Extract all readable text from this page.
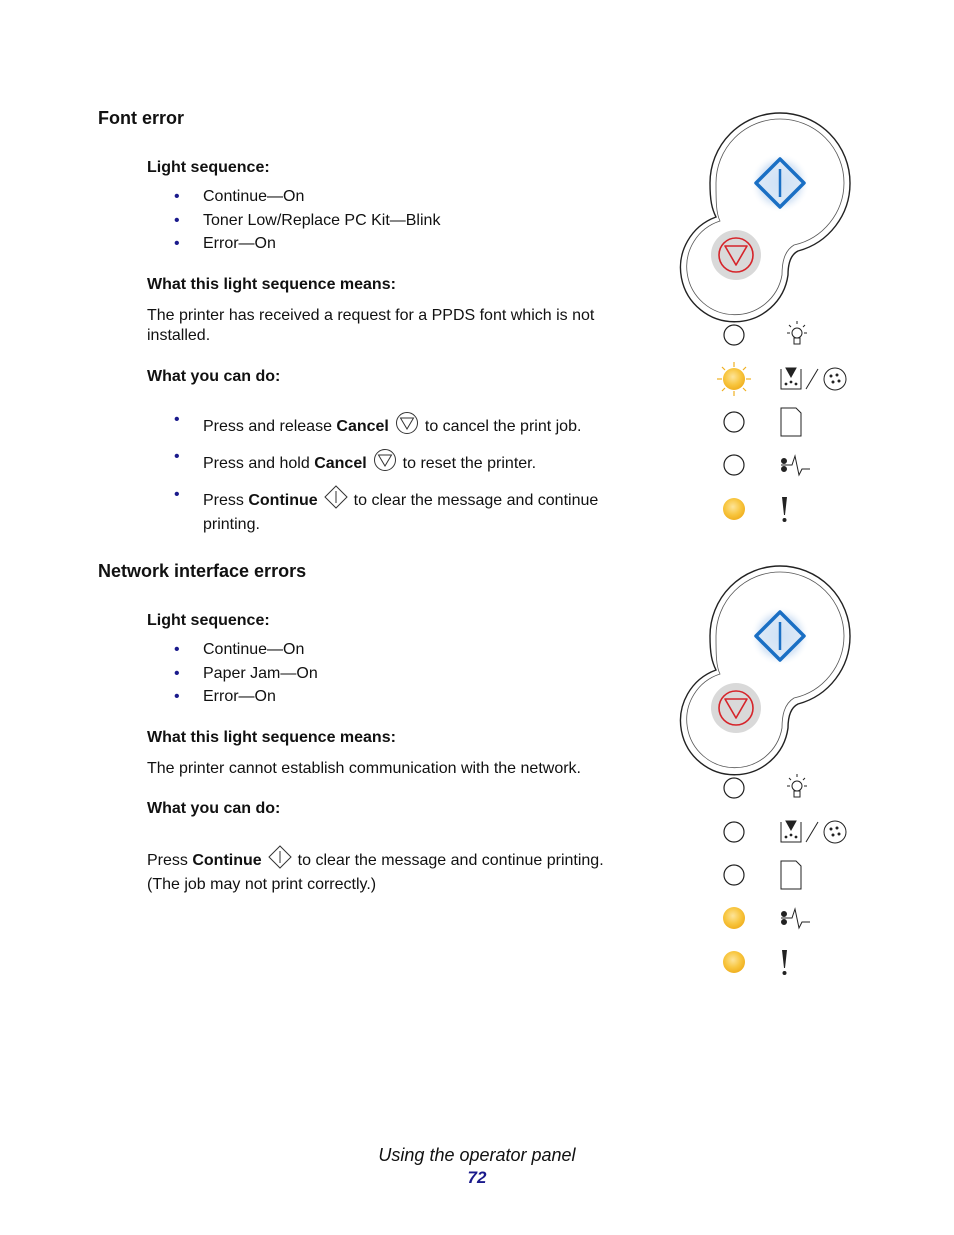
Font error
Light sequence:
• Continue—On
• Toner Low/Replace PC Kit—Blink
• Error—On
What this light sequence means:
The printer has received a request for a PPDS font which is not
installed.
What you can do:
• Press and release Cancel to cancel the print job.
• Press and hold Cancel to reset the printer.
• Press Continue to clear the message and continue
printing.
Network interface errors
Light sequence:
• Continue—On
• Paper Jam—On
• Error—On
What this light sequence means:
The printer cannot establish communication with the network.
What you can do:
Press Continue to clear the message and continue printing.
(The job may not print correctly.)
Using the operator panel
72
